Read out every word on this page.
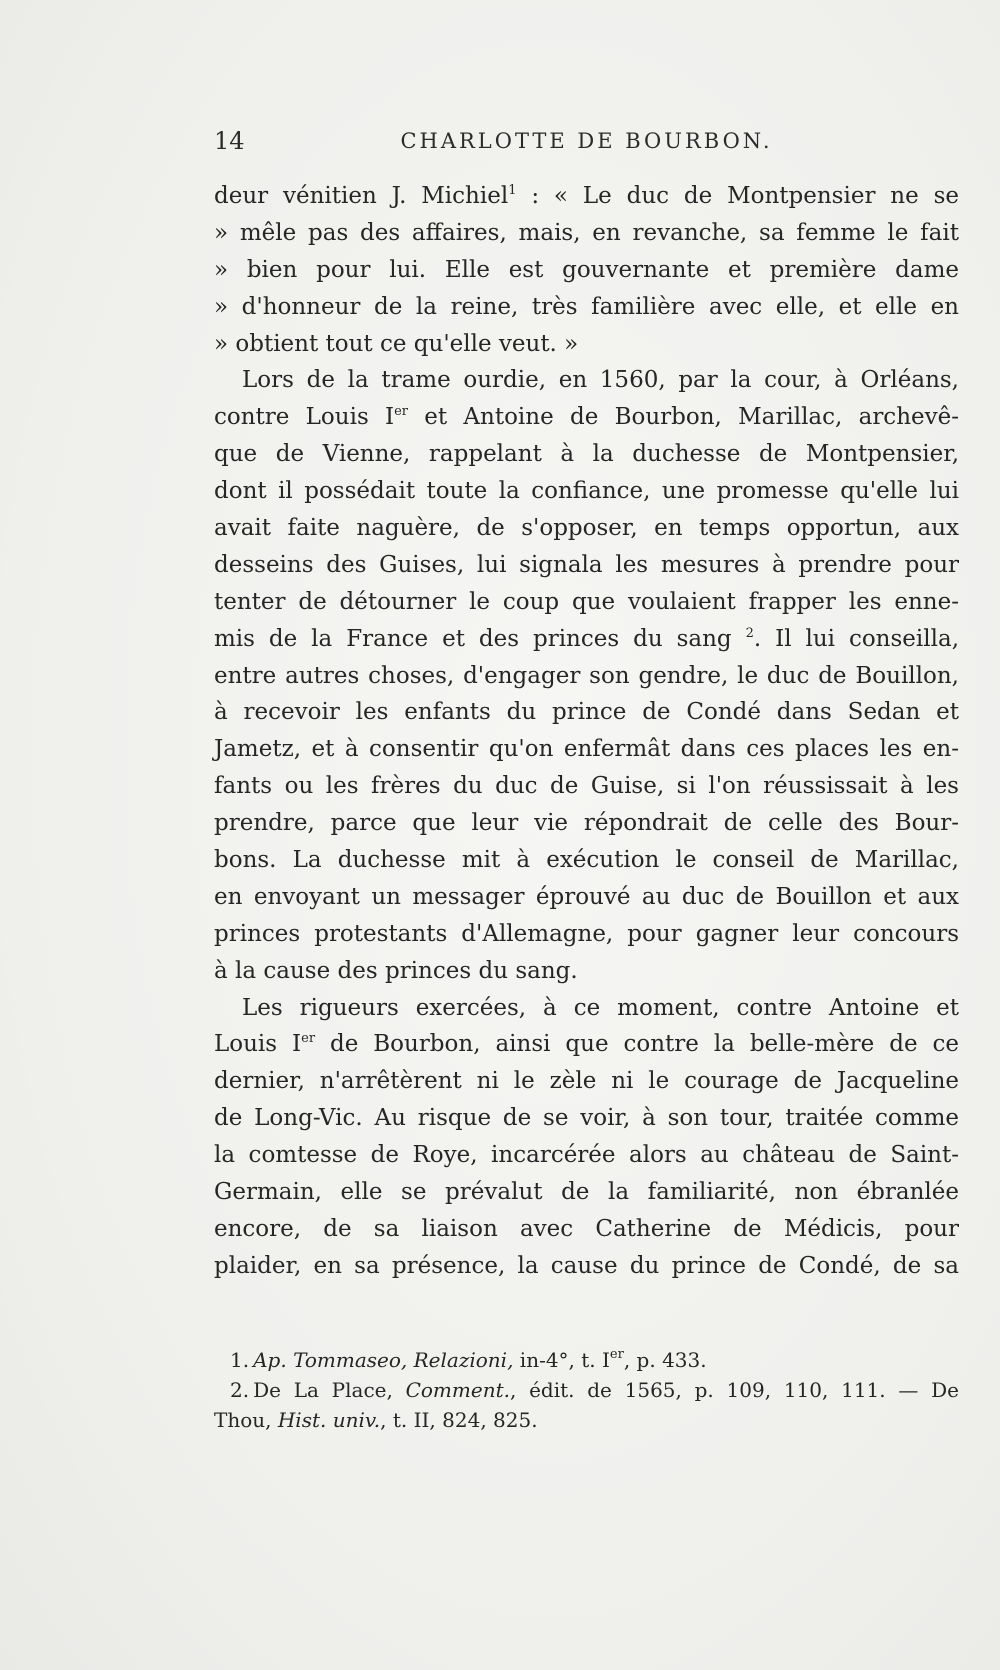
14	CHARLOTTE DE BOURBON.
deur vénitien J. Michiel$^1$ : « Le duc de Montpensier ne se
» mêle pas des affaires, mais, en revanche, sa femme le fait
» bien pour lui. Elle est gouvernante et première dame
» d'honneur de la reine, très familière avec elle, et elle en
» obtient tout ce qu'elle veut. »
Lors de la trame ourdie, en 1560, par la cour, à Orléans,
contre Louis Ier et Antoine de Bourbon, Marillac, archevê-
que de Vienne, rappelant à la duchesse de Montpensier,
dont il possédait toute la confiance, une promesse qu'elle lui
avait faite naguère, de s'opposer, en temps opportun, aux
desseins des Guises, lui signala les mesures à prendre pour
tenter de détourner le coup que voulaient frapper les enne-
mis de la France et des princes du sang $^2$. Il lui conseilla,
entre autres choses, d'engager son gendre, le duc de Bouillon,
à recevoir les enfants du prince de Condé dans Sedan et
Jametz, et à consentir qu'on enfermât dans ces places les en-
fants ou les frères du duc de Guise, si l'on réussissait à les
prendre, parce que leur vie répondrait de celle des Bour-
bons. La duchesse mit à exécution le conseil de Marillac,
en envoyant un messager éprouvé au duc de Bouillon et aux
princes protestants d'Allemagne, pour gagner leur concours
à la cause des princes du sang.
Les rigueurs exercées, à ce moment, contre Antoine et
Louis Ier de Bourbon, ainsi que contre la belle-mère de ce
dernier, n'arrêtèrent ni le zèle ni le courage de Jacqueline
de Long-Vic. Au risque de se voir, à son tour, traitée comme
la comtesse de Roye, incarcérée alors au château de Saint-
Germain, elle se prévalut de la familiarité, non ébranlée
encore, de sa liaison avec Catherine de Médicis, pour
plaider, en sa présence, la cause du prince de Condé, de sa
1. Ap. Tommaseo, Relazioni, in-4°, t. Ier, p. 433.
2. De La Place, Comment., édit. de 1565, p. 109, 110, 111. — De
Thou, Hist. univ., t. II, 824, 825.
